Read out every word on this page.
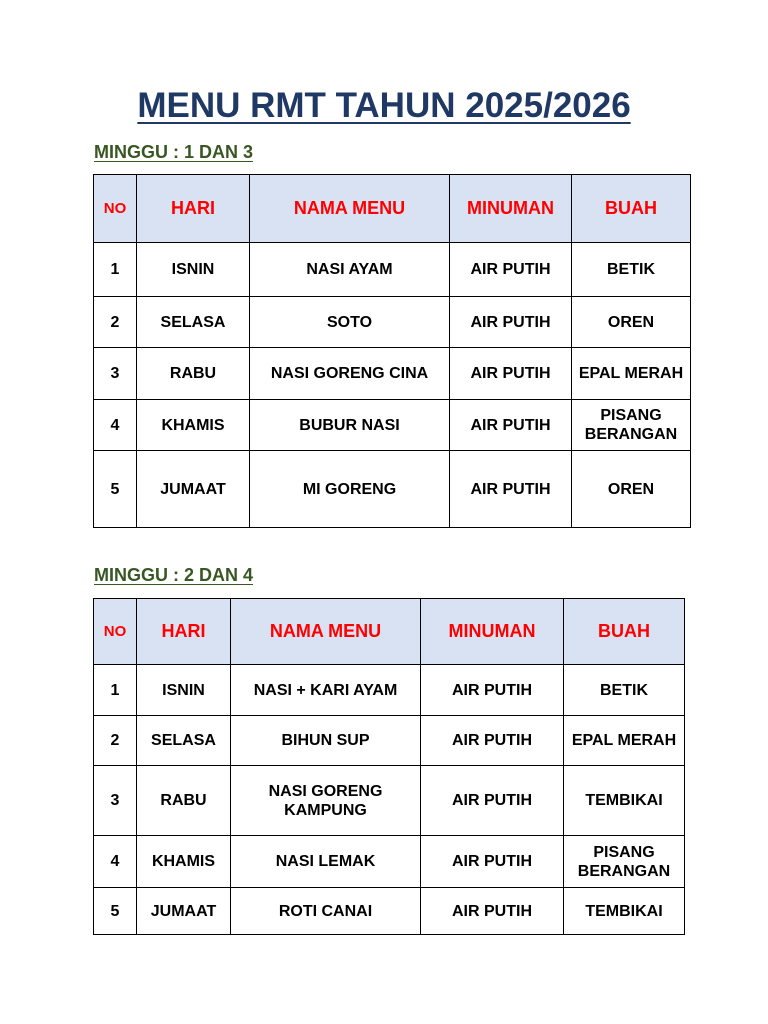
MENU RMT TAHUN 2025/2026
MINGGU : 1 DAN 3
NO	HARI	NAMA MENU	MINUMAN	BUAH
1	ISNIN	NASI AYAM	AIR PUTIH	BETIK
2	SELASA	SOTO	AIR PUTIH	OREN
3	RABU	NASI GORENG CINA	AIR PUTIH	EPAL MERAH
4	KHAMIS	BUBUR NASI	AIR PUTIH	PISANG BERANGAN
5	JUMAAT	MI GORENG	AIR PUTIH	OREN
MINGGU : 2 DAN 4
NO	HARI	NAMA MENU	MINUMAN	BUAH
1	ISNIN	NASI + KARI AYAM	AIR PUTIH	BETIK
2	SELASA	BIHUN SUP	AIR PUTIH	EPAL MERAH
3	RABU	NASI GORENG KAMPUNG	AIR PUTIH	TEMBIKAI
4	KHAMIS	NASI LEMAK	AIR PUTIH	PISANG BERANGAN
5	JUMAAT	ROTI CANAI	AIR PUTIH	TEMBIKAI
